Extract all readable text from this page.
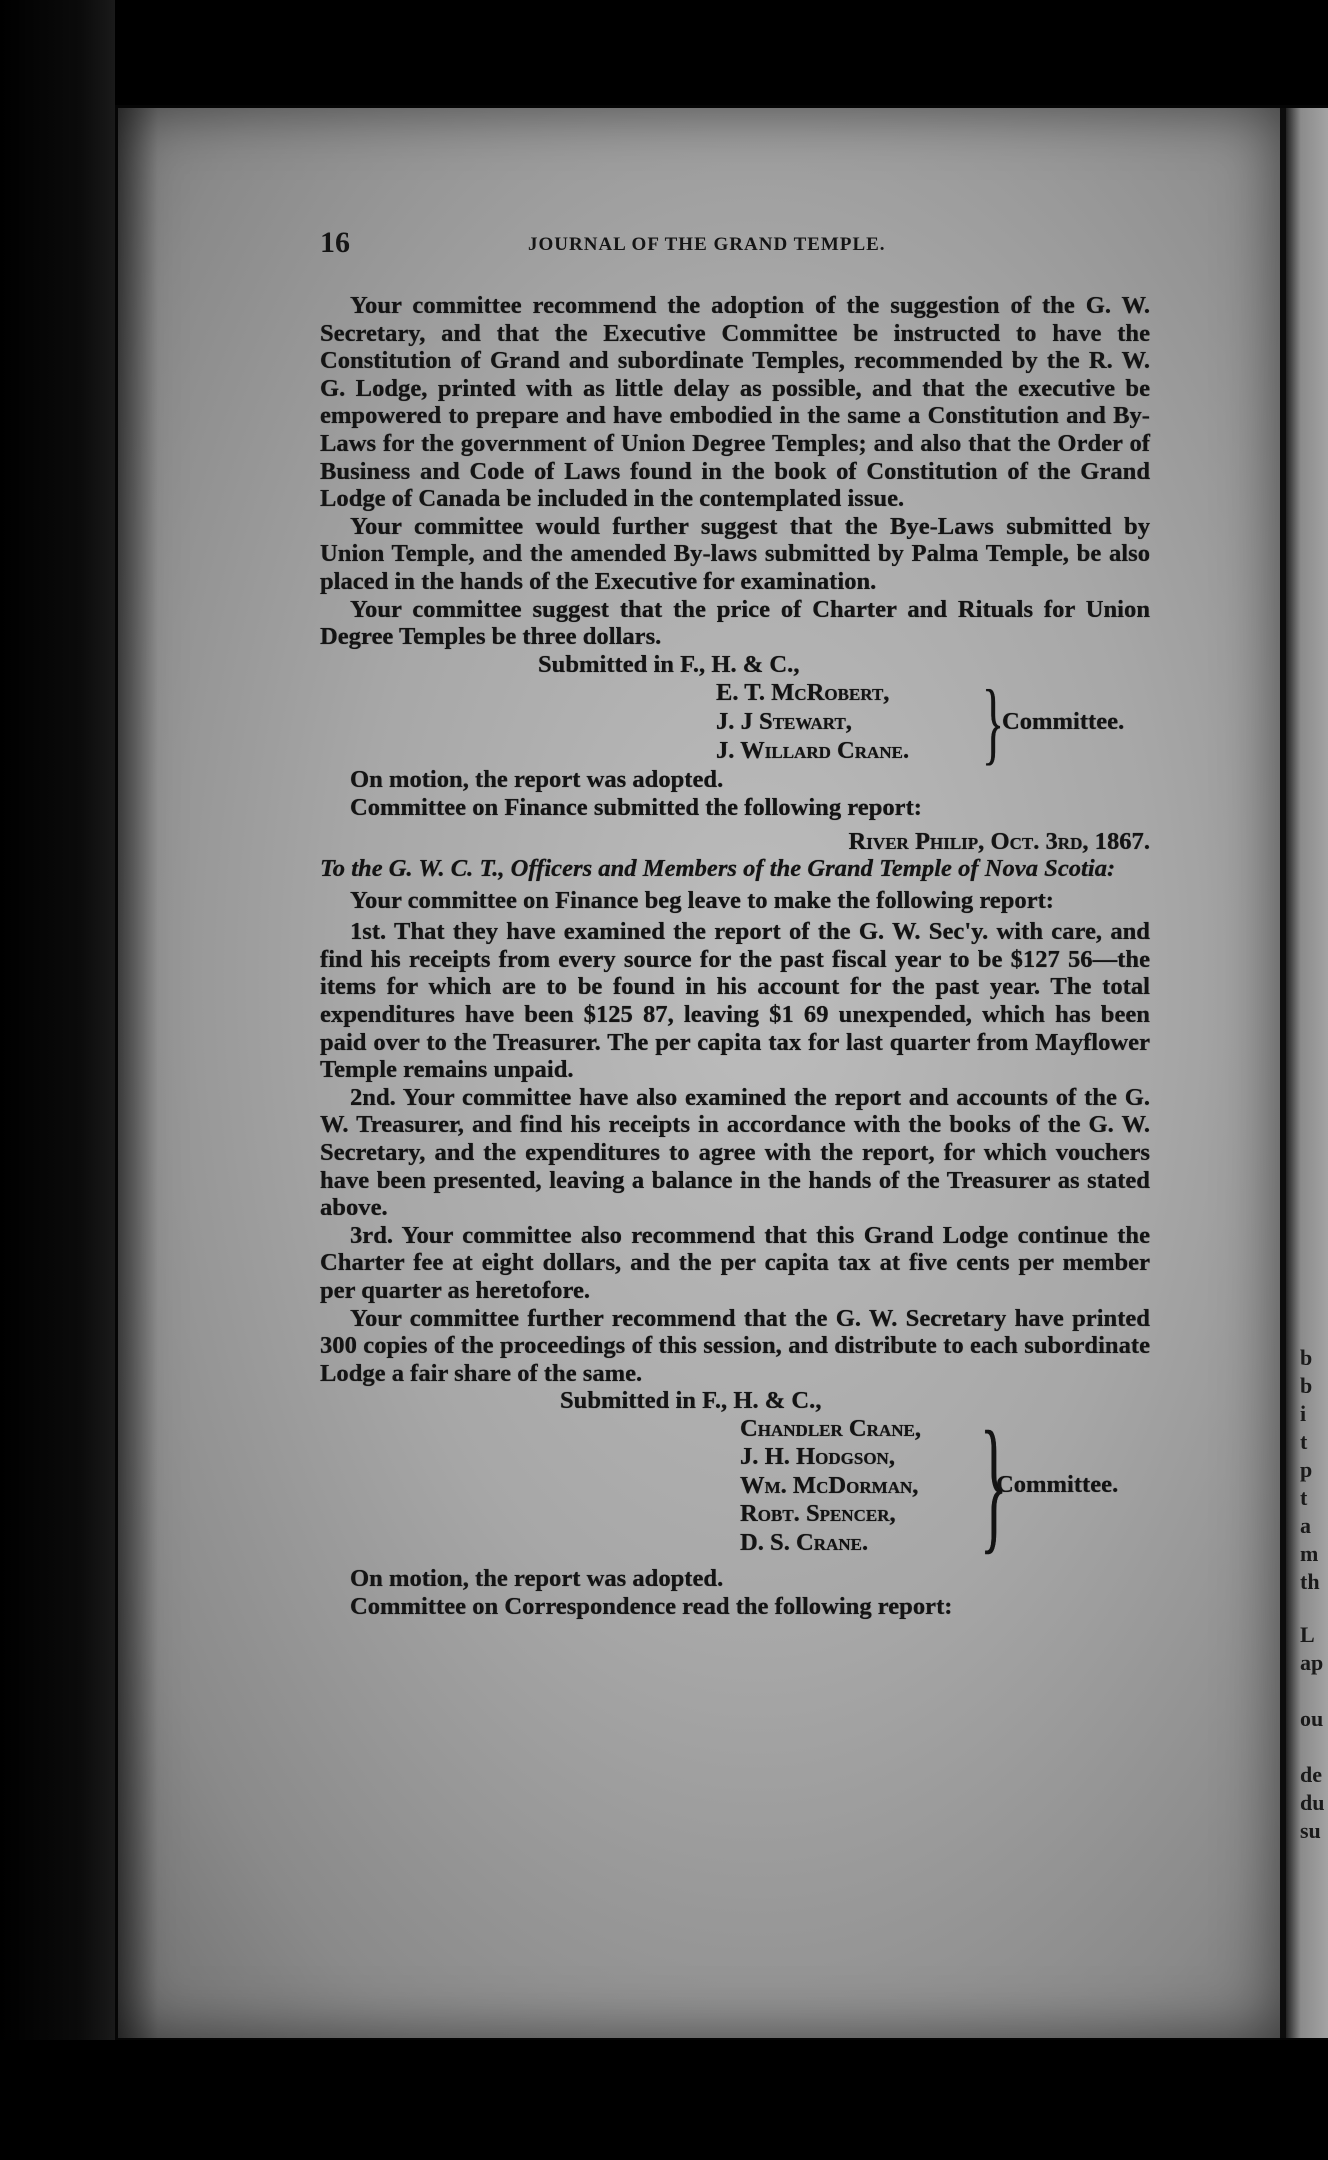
b
b
i
t
p
t
a
m
th
L
ap
ou
de
du
su
16	JOURNAL OF THE GRAND TEMPLE.

Your committee recommend the adoption of the suggestion of the G. W. Secretary, and that the Executive Committee be instructed to have the Constitution of Grand and subordinate Temples, recommended by the R. W. G. Lodge, printed with as little delay as possible, and that the executive be empowered to prepare and have embodied in the same a Constitution and By-Laws for the government of Union Degree Temples; and also that the Order of Business and Code of Laws found in the book of Constitution of the Grand Lodge of Canada be included in the contemplated issue.

Your committee would further suggest that the Bye-Laws submitted by Union Temple, and the amended By-laws submitted by Palma Temple, be also placed in the hands of the Executive for examination.

Your committee suggest that the price of Charter and Rituals for Union Degree Temples be three dollars.

Submitted in F., H. & C.,

E. T. McRobert,
J. J Stewart,
J. Willard Crane. }
Committee.

On motion, the report was adopted.

Committee on Finance submitted the following report:

River Philip, Oct. 3rd, 1867.

To the G. W. C. T., Officers and Members of the Grand Temple of Nova Scotia:

Your committee on Finance beg leave to make the following report:

1st. That they have examined the report of the G. W. Sec'y. with care, and find his receipts from every source for the past fiscal year to be $127 56—the items for which are to be found in his account for the past year. The total expenditures have been $125 87, leaving $1 69 unexpended, which has been paid over to the Treasurer. The per capita tax for last quarter from Mayflower Temple remains unpaid.

2nd. Your committee have also examined the report and accounts of the G. W. Treasurer, and find his receipts in accordance with the books of the G. W. Secretary, and the expenditures to agree with the report, for which vouchers have been presented, leaving a balance in the hands of the Treasurer as stated above.

3rd. Your committee also recommend that this Grand Lodge continue the Charter fee at eight dollars, and the per capita tax at five cents per member per quarter as heretofore.

Your committee further recommend that the G. W. Secretary have printed 300 copies of the proceedings of this session, and distribute to each subordinate Lodge a fair share of the same.

Submitted in F., H. & C.,

Chandler Crane,
J. H. Hodgson,
Wm. McDorman,
Robt. Spencer,
D. S. Crane. }
Committee.

On motion, the report was adopted.

Committee on Correspondence read the following report:
